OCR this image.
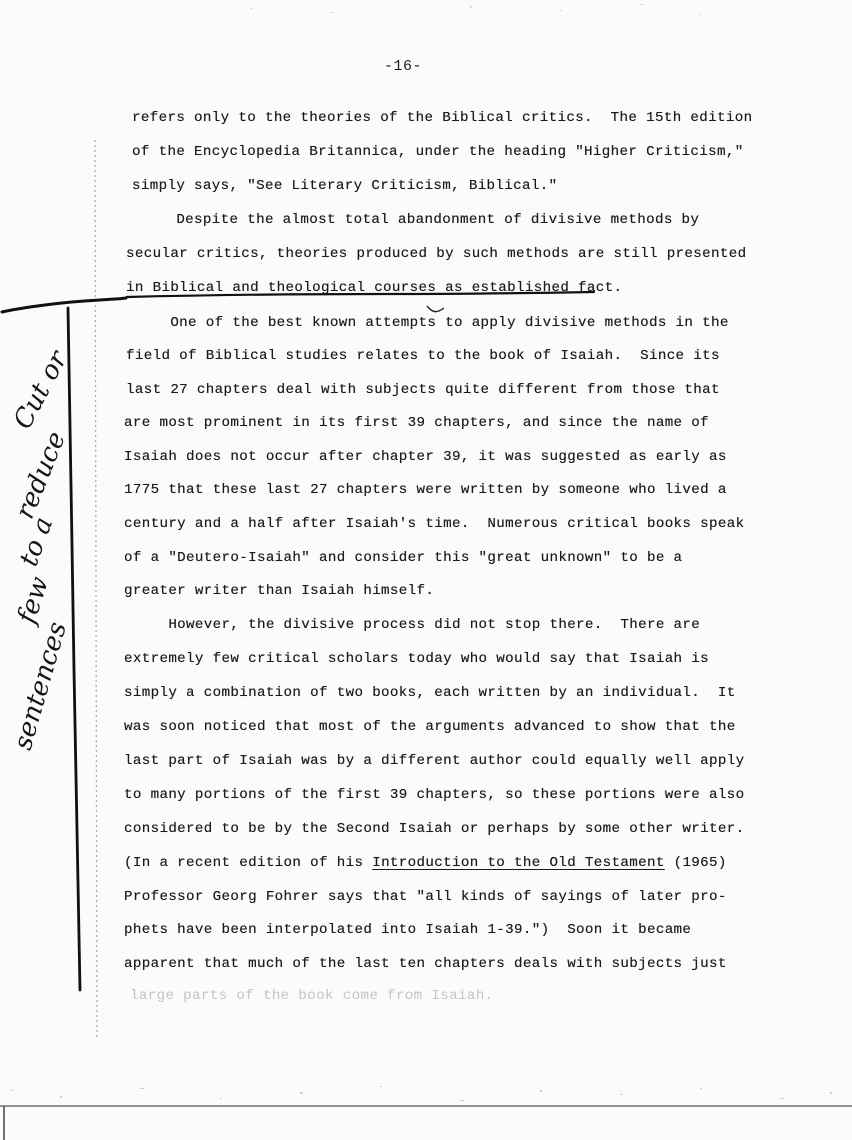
-16-
refers only to the theories of the Biblical critics.  The 15th edition
of the Encyclopedia Britannica, under the heading "Higher Criticism,"
simply says, "See Literary Criticism, Biblical."
Despite the almost total abandonment of divisive methods by
secular critics, theories produced by such methods are still presented
in Biblical and theological courses as established fact.
One of the best known attempts to apply divisive methods in the
field of Biblical studies relates to the book of Isaiah.  Since its
last 27 chapters deal with subjects quite different from those that
are most prominent in its first 39 chapters, and since the name of
Isaiah does not occur after chapter 39, it was suggested as early as
1775 that these last 27 chapters were written by someone who lived a
century and a half after Isaiah's time.  Numerous critical books speak
of a "Deutero-Isaiah" and consider this "great unknown" to be a
greater writer than Isaiah himself.
However, the divisive process did not stop there.  There are
extremely few critical scholars today who would say that Isaiah is
simply a combination of two books, each written by an individual.  It
was soon noticed that most of the arguments advanced to show that the
last part of Isaiah was by a different author could equally well apply
to many portions of the first 39 chapters, so these portions were also
considered to be by the Second Isaiah or perhaps by some other writer.
(In a recent edition of his Introduction to the Old Testament (1965)
Professor Georg Fohrer says that "all kinds of sayings of later pro-
phets have been interpolated into Isaiah 1-39.")  Soon it became
apparent that much of the last ten chapters deals with subjects just
large parts of the book come from Isaiah.
Cut or
reduce
to a
few
sentences
